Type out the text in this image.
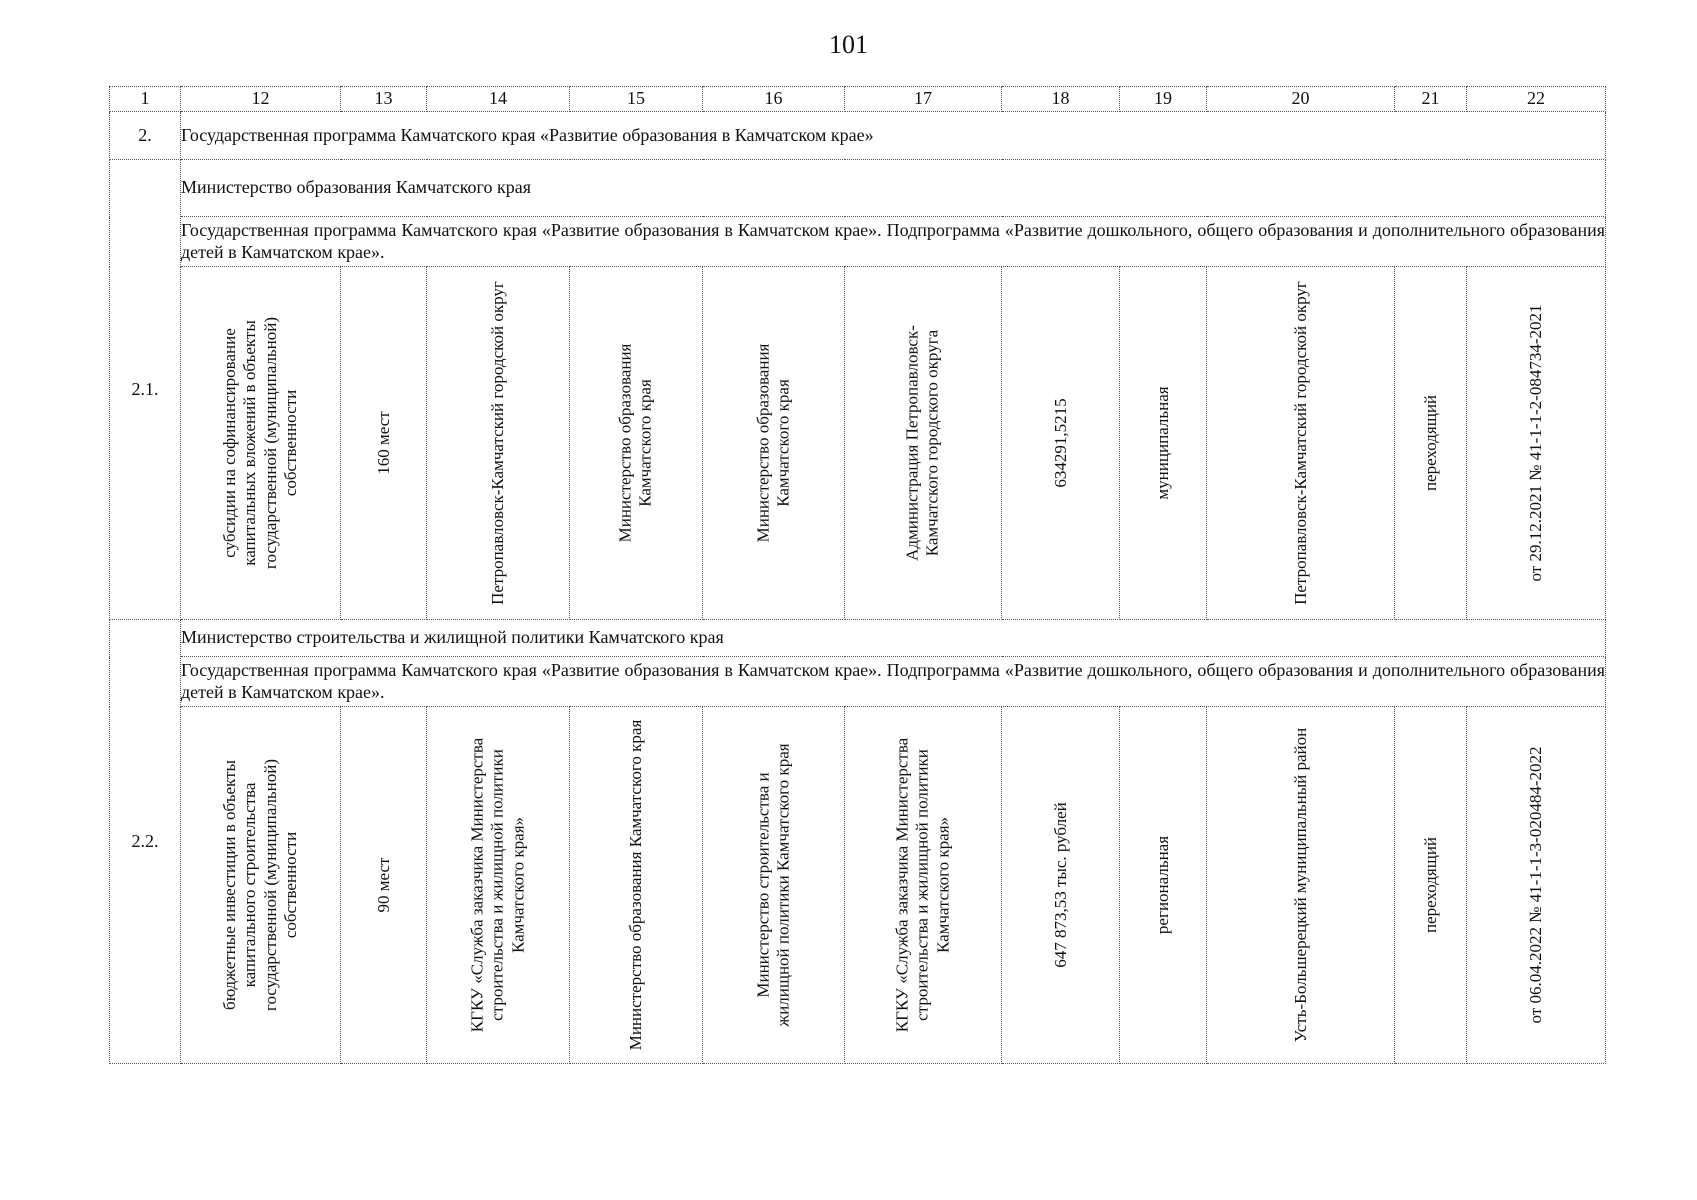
101
1	12	13	14	15	16	17	18	19	20	21	22
2.	Государственная программа Камчатского края «Развитие образования в Камчатском крае»										
2.1.	Министерство образования Камчатского края										
	Государственная программа Камчатского края «Развитие образования в Камчатском крае». Подпрограмма «Развитие дошкольного, общего образования и дополнительного образования детей в Камчатском крае».										

	субсидии на софинансирование капитальных вложений в объекты государственной (муниципальной) собственности	160 мест	Петропавловск-Камчатский городской округ	Министерство образования Камчатского края	Министерство образования Камчатского края	Администрация Петропавловск-Камчатского городского округа	634291,5215	муниципальная	Петропавловск-Камчатский городской округ	переходящий	от 29.12.2021 № 41-1-1-2-084734-2021

2.2.	Министерство строительства и жилищной политики Камчатского края										
	Государственная программа Камчатского края «Развитие образования в Камчатском крае». Подпрограмма «Развитие дошкольного, общего образования и дополнительного образования детей в Камчатском крае».										

	бюджетные инвестиции в объекты капитального строительства государственной (муниципальной) собственности	90 мест	КГКУ «Служба заказчика Министерства строительства и жилищной политики Камчатского края»	Министерство образования Камчатского края	Министерство строительства и жилищной политики Камчатского края	КГКУ «Служба заказчика Министерства строительства и жилищной политики Камчатского края»	647 873,53 тыс. рублей	региональная	Усть-Большерецкий муниципальный район	переходящий	от 06.04.2022 № 41-1-1-3-020484-2022
